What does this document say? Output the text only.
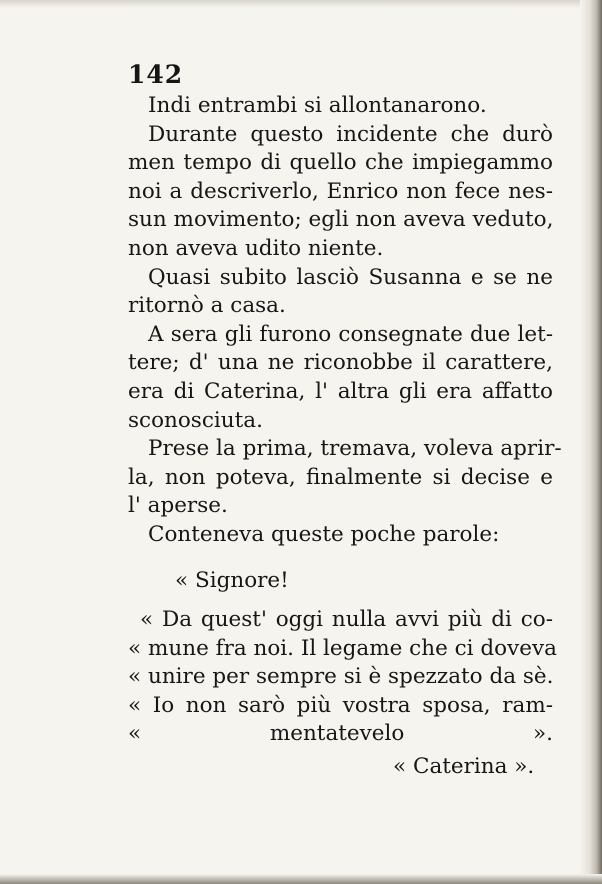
142

Indi entrambi si allontanarono.

Durante questo incidente che durò
men tempo di quello che impiegammo
noi a descriverlo, Enrico non fece nes-
sun movimento; egli non aveva veduto,
non aveva udito niente.

Quasi subito lasciò Susanna e se ne
ritornò a casa.

A sera gli furono consegnate due let-
tere; d' una ne riconobbe il carattere,
era di Caterina, l' altra gli era affatto
sconosciuta.

Prese la prima, tremava, voleva aprir-
la, non poteva, finalmente si decise e
l' aperse.

Conteneva queste poche parole:

« Signore!
« Da quest' oggi nulla avvi più di co-
« mune fra noi. Il legame che ci doveva
« unire per sempre si è spezzato da sè.
« Io non sarò più vostra sposa, ram-
« mentatevelo ».
« Caterina ».
